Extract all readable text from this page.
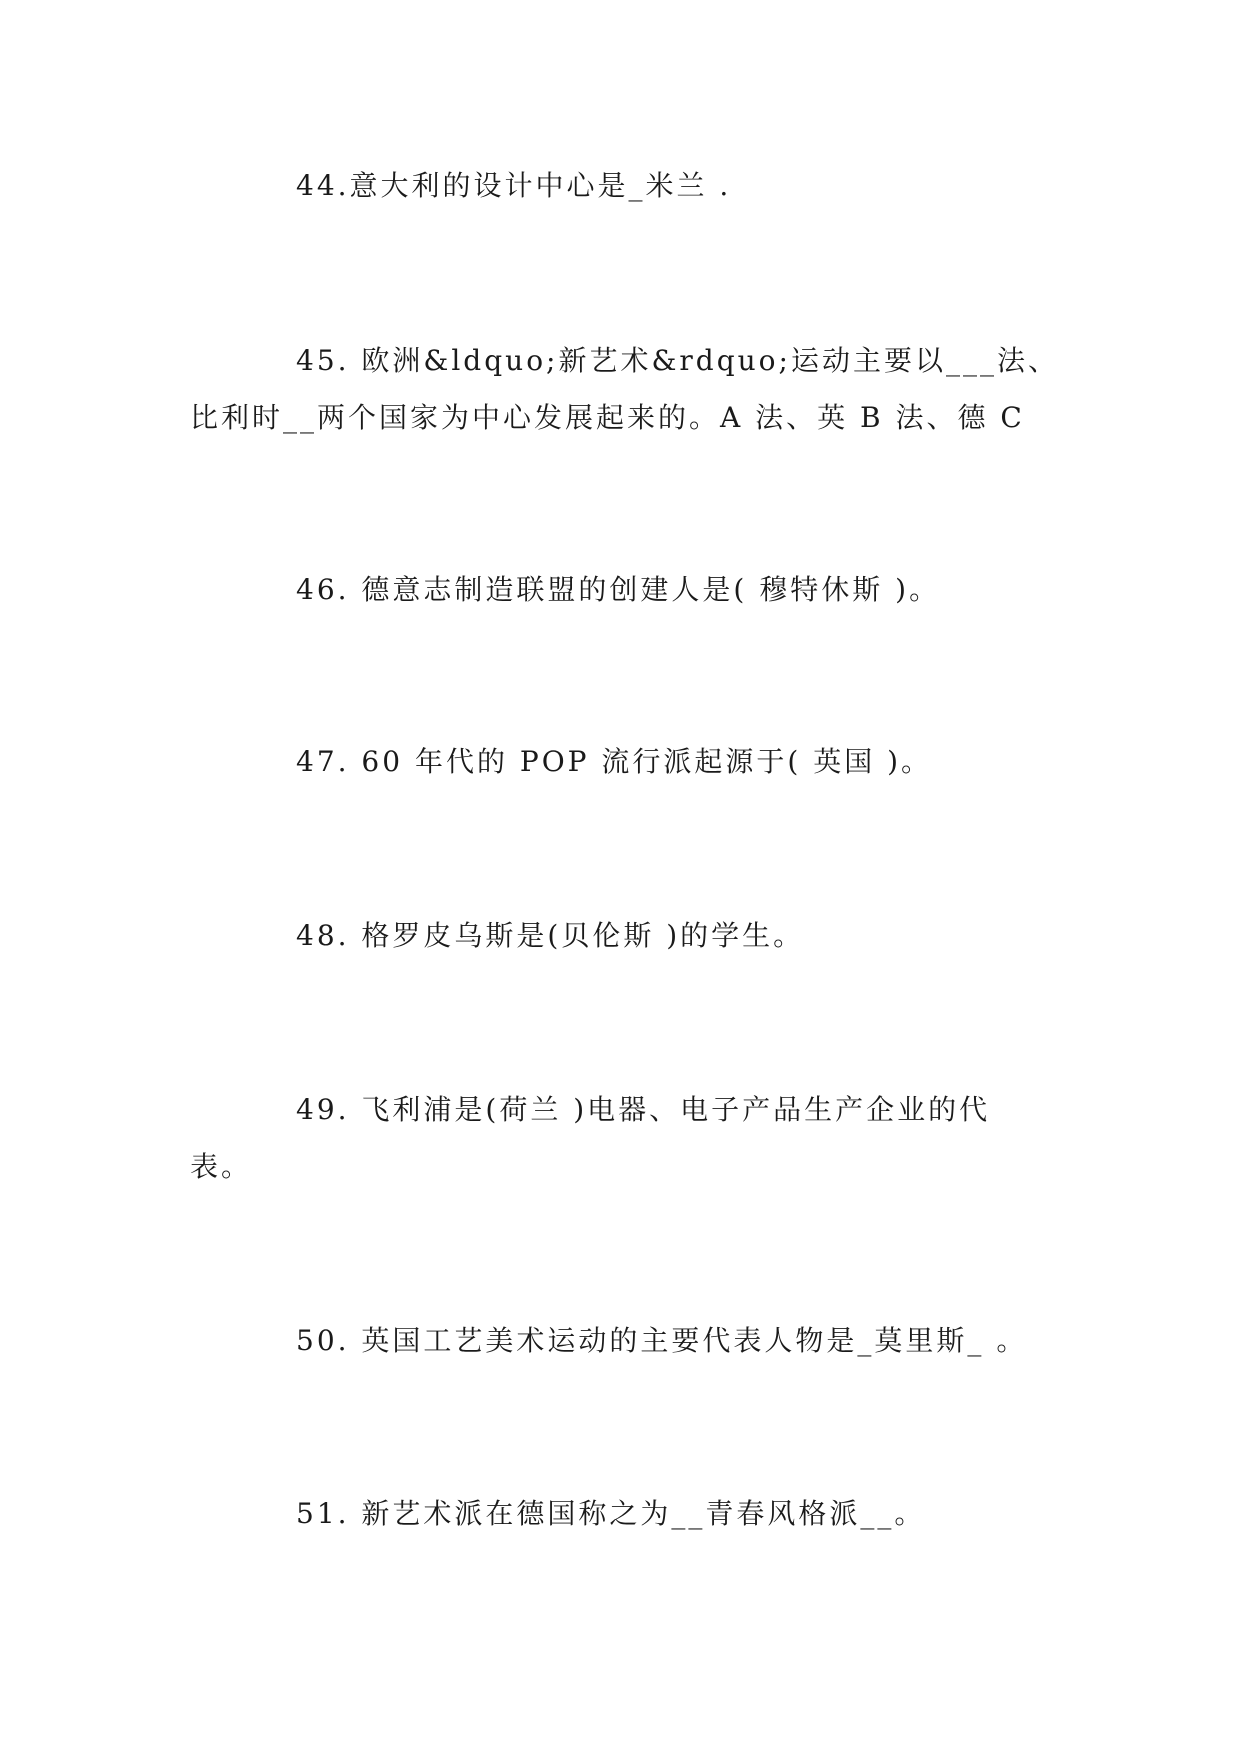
44.意大利的设计中心是_米兰 .
45. 欧洲&ldquo;新艺术&rdquo;运动主要以___法、
比利时__两个国家为中心发展起来的。A 法、英 B 法、德 C
46. 德意志制造联盟的创建人是( 穆特休斯 )。
47. 60 年代的 POP 流行派起源于( 英国 )。
48. 格罗皮乌斯是(贝伦斯 )的学生。
49. 飞利浦是(荷兰 )电器、电子产品生产企业的代
表。
50. 英国工艺美术运动的主要代表人物是_莫里斯_ 。
51. 新艺术派在德国称之为__青春风格派__。
